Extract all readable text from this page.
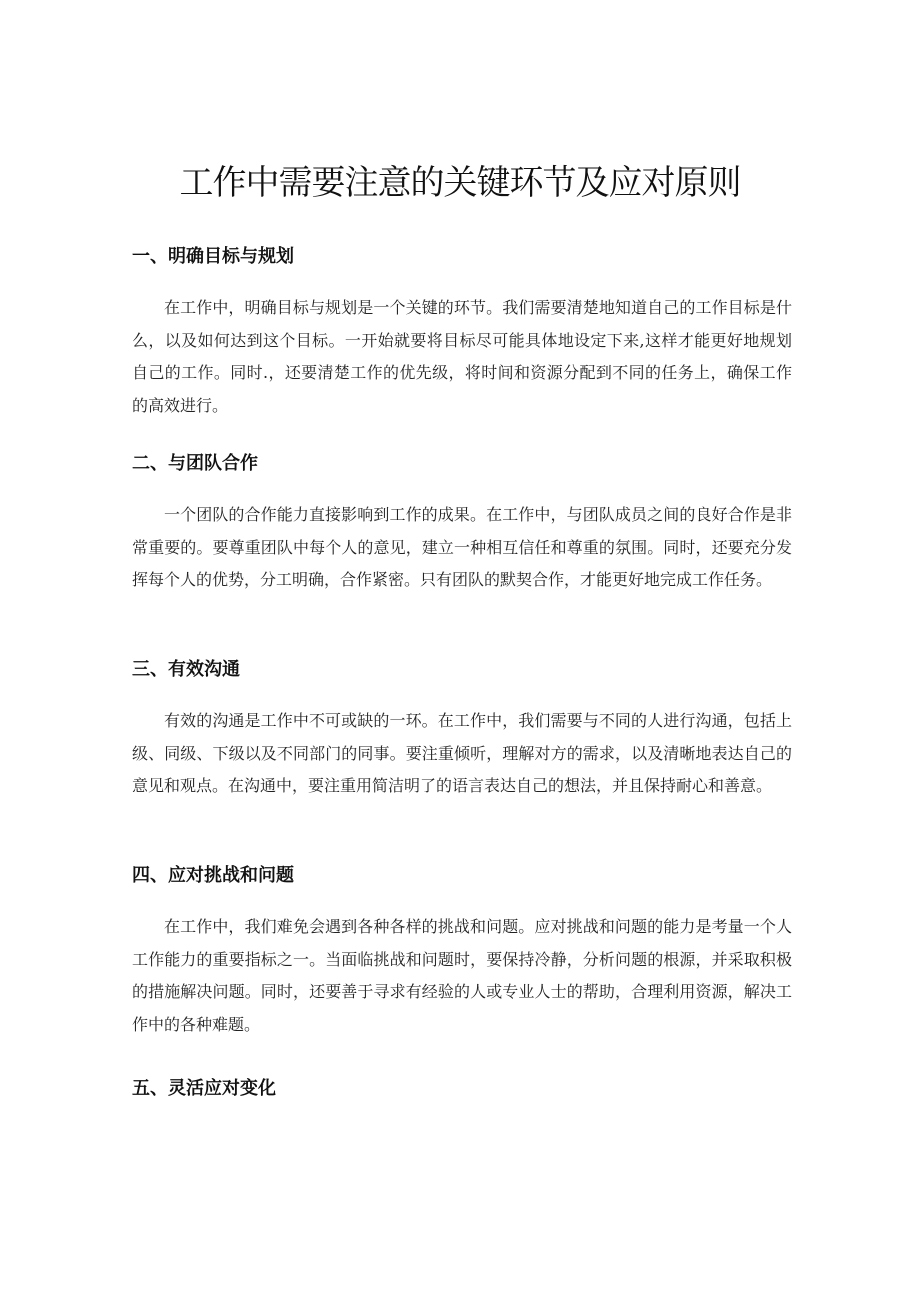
工作中需要注意的关键环节及应对原则
一、明确目标与规划

在工作中，明确目标与规划是一个关键的环节。我们需要清楚地知道自己的工作目标是什么，以及如何达到这个目标。一开始就要将目标尽可能具体地设定下来,这样才能更好地规划自己的工作。同时.，还要清楚工作的优先级，将时间和资源分配到不同的任务上，确保工作的高效进行。

二、与团队合作

一个团队的合作能力直接影响到工作的成果。在工作中，与团队成员之间的良好合作是非常重要的。要尊重团队中每个人的意见，建立一种相互信任和尊重的氛围。同时，还要充分发挥每个人的优势，分工明确，合作紧密。只有团队的默契合作，才能更好地完成工作任务。

三、有效沟通

有效的沟通是工作中不可或缺的一环。在工作中，我们需要与不同的人进行沟通，包括上级、同级、下级以及不同部门的同事。要注重倾听，理解对方的需求，以及清晰地表达自己的意见和观点。在沟通中，要注重用简洁明了的语言表达自己的想法，并且保持耐心和善意。

四、应对挑战和问题

在工作中，我们难免会遇到各种各样的挑战和问题。应对挑战和问题的能力是考量一个人工作能力的重要指标之一。当面临挑战和问题时，要保持冷静，分析问题的根源，并采取积极的措施解决问题。同时，还要善于寻求有经验的人或专业人士的帮助，合理利用资源，解决工作中的各种难题。

五、灵活应对变化
